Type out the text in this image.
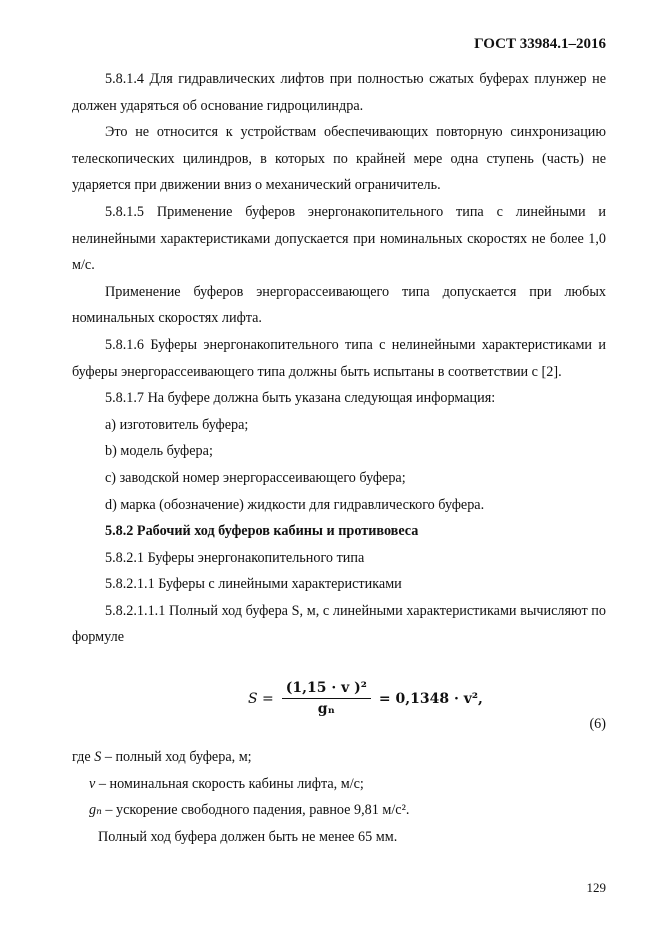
ГОСТ 33984.1–2016

5.8.1.4 Для гидравлических лифтов при полностью сжатых буферах плунжер не должен ударяться об основание гидроцилиндра.

Это не относится к устройствам обеспечивающих повторную синхронизацию телескопических цилиндров, в которых по крайней мере одна ступень (часть) не ударяется при движении вниз о механический ограничитель.

5.8.1.5 Применение буферов энергонакопительного типа с линейными и нелинейными характеристиками допускается при номинальных скоростях не более 1,0 м/с.

Применение буферов энергорассеивающего типа допускается при любых номинальных скоростях лифта.

5.8.1.6 Буферы энергонакопительного типа с нелинейными характеристиками и буферы энергорассеивающего типа должны быть испытаны в соответствии с [2].

5.8.1.7 На буфере должна быть указана следующая информация:

a) изготовитель буфера;

b) модель буфера;

c) заводской номер энергорассеивающего буфера;

d) марка (обозначение) жидкости для гидравлического буфера.

5.8.2 Рабочий ход буферов кабины и противовеса

5.8.2.1 Буферы энергонакопительного типа

5.8.2.1.1 Буферы с линейными характеристиками

5.8.2.1.1.1 Полный ход буфера S, м, с линейными характеристиками вычисляют по формуле

$S = \frac{\text{(1,15 · v )²}}{\text{gₙ}} = 0,1348 \cdot v^2$,
(6)

где S – полный ход буфера, м;

v – номинальная скорость кабины лифта, м/с;

gₙ – ускорение свободного падения, равное 9,81 м/с².

Полный ход буфера должен быть не менее 65 мм.

129
